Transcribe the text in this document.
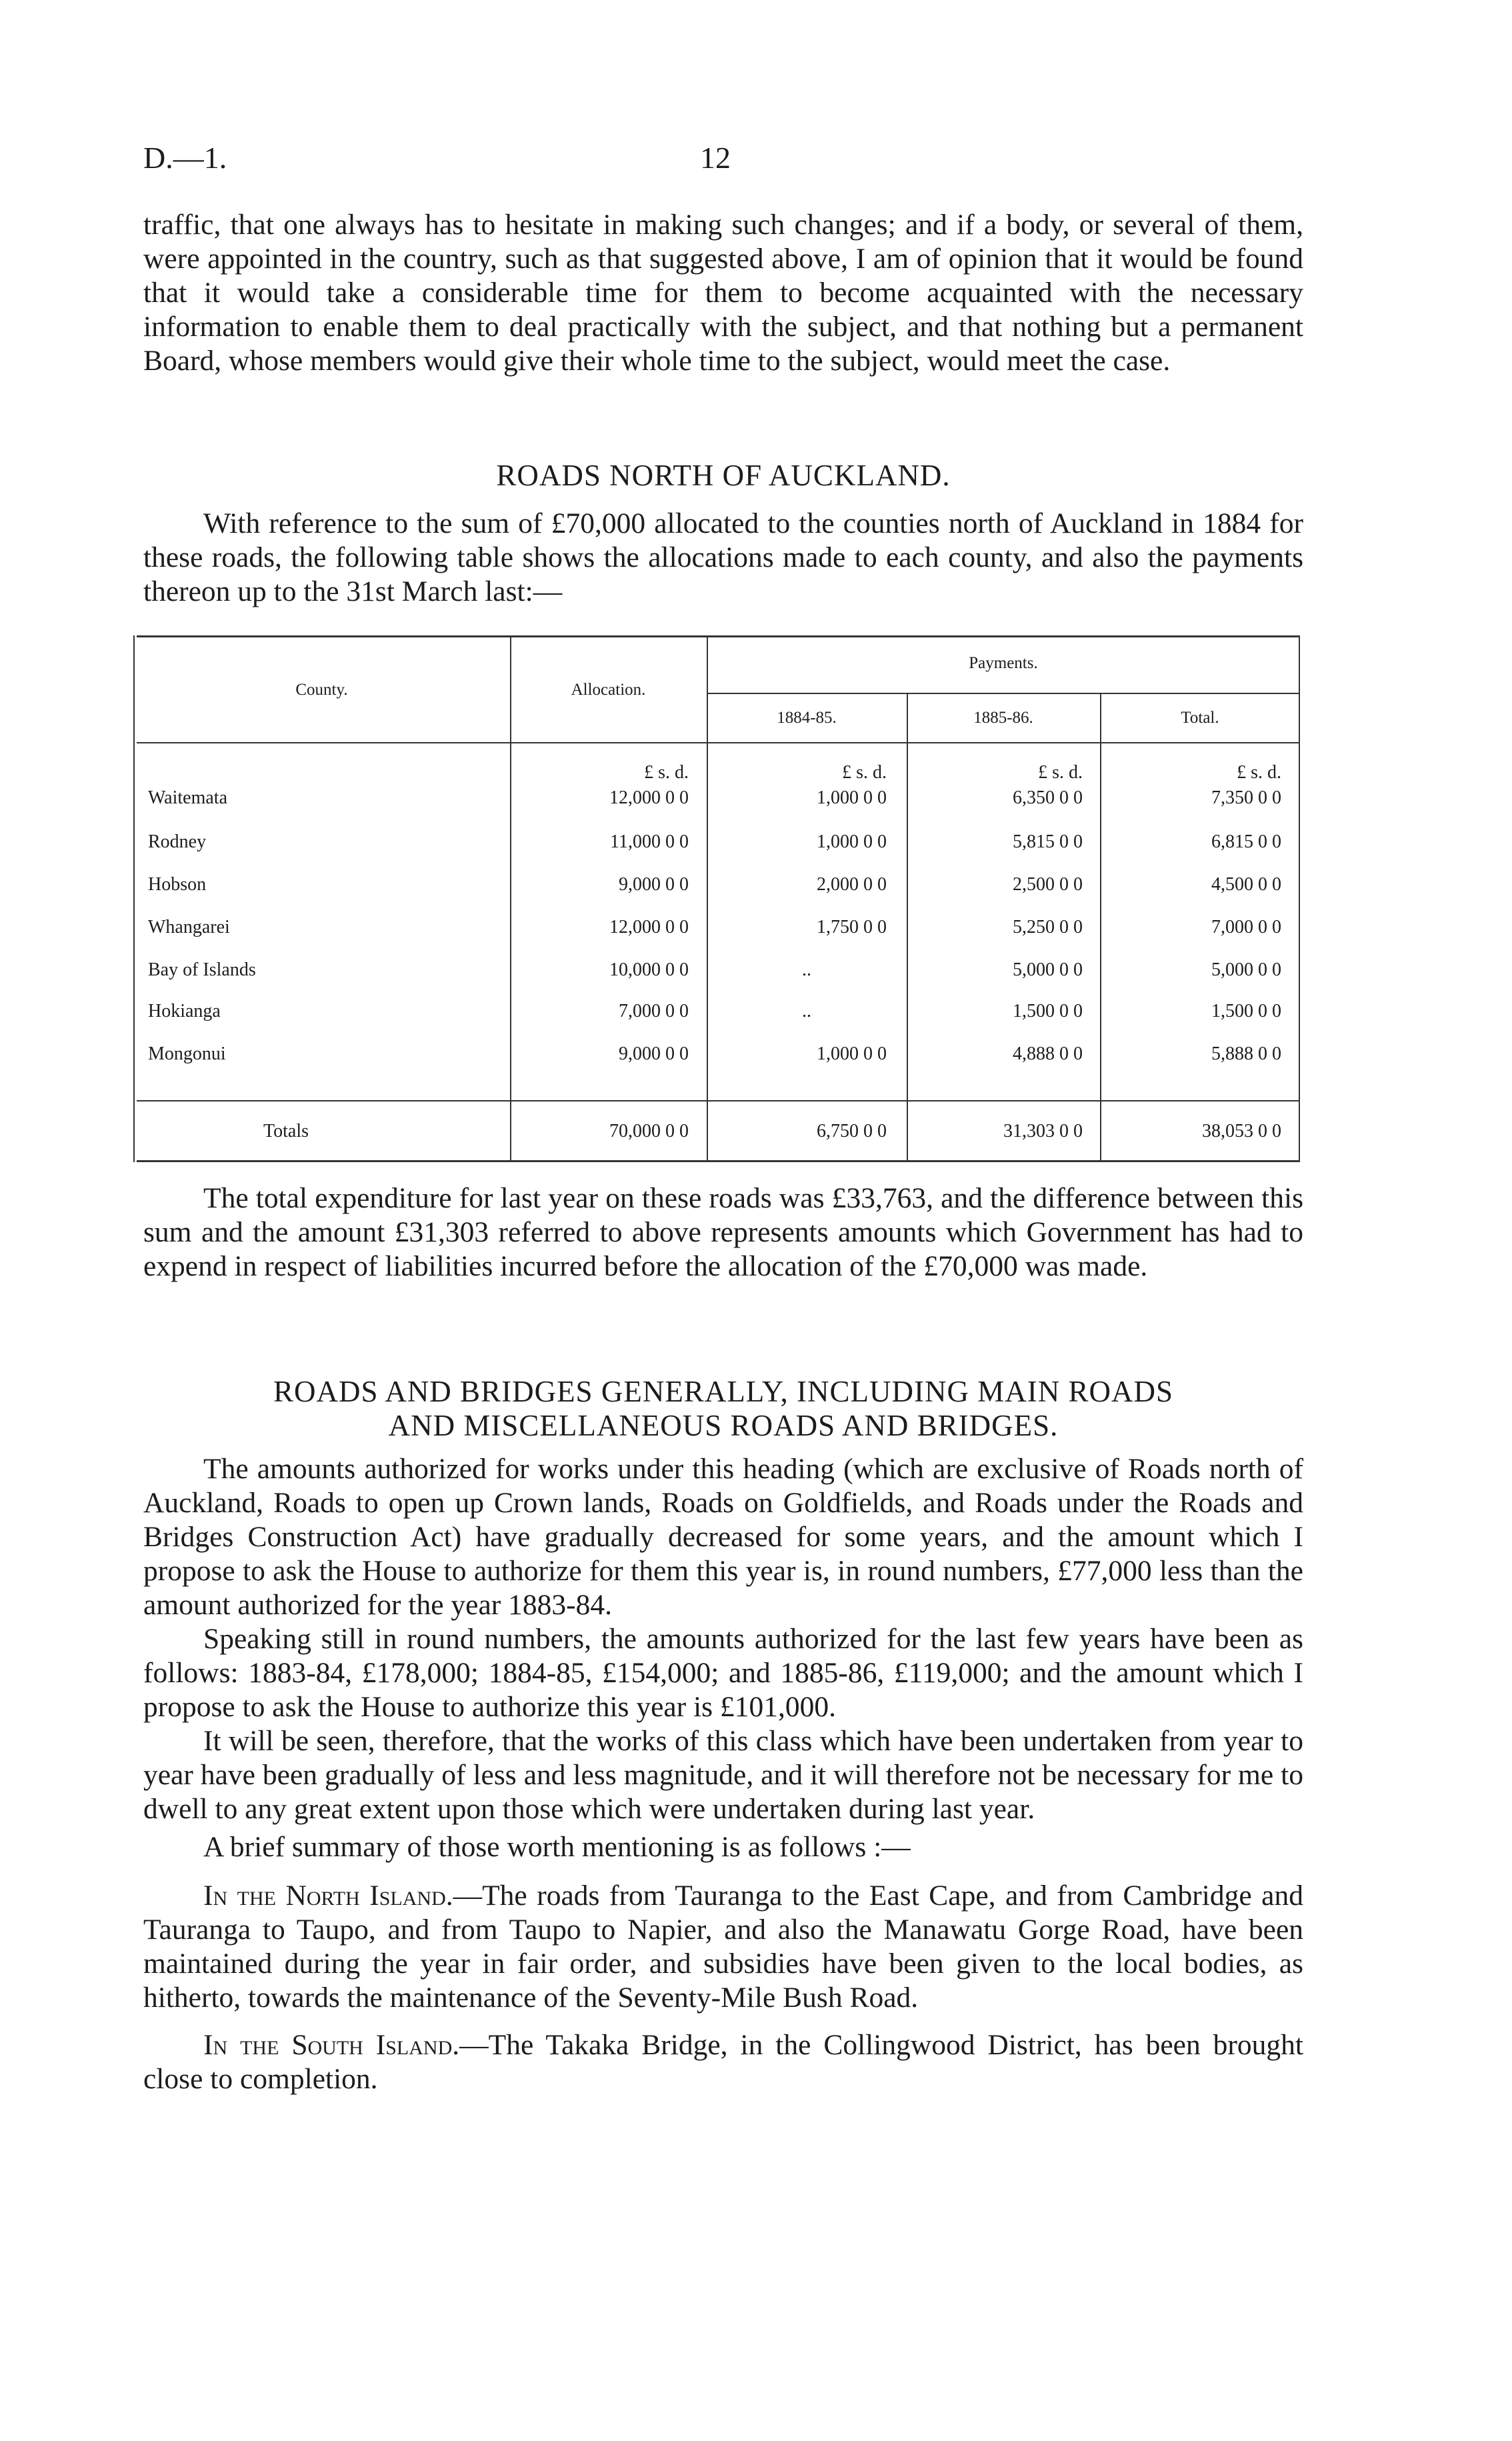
D.—1.	12

traffic, that one always has to hesitate in making such changes; and if a body, or several of them, were appointed in the country, such as that suggested above, I am of opinion that it would be found that it would take a considerable time for them to become acquainted with the necessary information to enable them to deal practically with the subject, and that nothing but a permanent Board, whose members would give their whole time to the subject, would meet the case.

ROADS NORTH OF AUCKLAND.

With reference to the sum of £70,000 allocated to the counties north of Auckland in 1884 for these roads, the following table shows the allocations made to each county, and also the payments thereon up to the 31st March last:—

County.	Allocation.
Payments.
1884-85.	1885-86.	Total.
£ s. d.	£ s. d.	£ s. d.	£ s. d.
Waitemata	12,000 0 0	1,000 0 0	6,350 0 0	7,350 0 0
Rodney	11,000 0 0	1,000 0 0	5,815 0 0	6,815 0 0
Hobson	9,000 0 0	2,000 0 0	2,500 0 0	4,500 0 0
Whangarei	12,000 0 0	1,750 0 0	5,250 0 0	7,000 0 0
Bay of Islands	10,000 0 0	..	5,000 0 0	5,000 0 0
Hokianga	7,000 0 0	..	1,500 0 0	1,500 0 0
Mongonui	9,000 0 0	1,000 0 0	4,888 0 0	5,888 0 0
Totals	70,000 0 0	6,750 0 0	31,303 0 0	38,053 0 0

The total expenditure for last year on these roads was £33,763, and the difference between this sum and the amount £31,303 referred to above represents amounts which Government has had to expend in respect of liabilities incurred before the allocation of the £70,000 was made.

ROADS AND BRIDGES GENERALLY, INCLUDING MAIN ROADS
AND MISCELLANEOUS ROADS AND BRIDGES.

The amounts authorized for works under this heading (which are exclusive of Roads north of Auckland, Roads to open up Crown lands, Roads on Goldfields, and Roads under the Roads and Bridges Construction Act) have gradually decreased for some years, and the amount which I propose to ask the House to authorize for them this year is, in round numbers, £77,000 less than the amount authorized for the year 1883-84.

Speaking still in round numbers, the amounts authorized for the last few years have been as follows: 1883-84, £178,000; 1884-85, £154,000; and 1885-86, £119,000; and the amount which I propose to ask the House to authorize this year is £101,000.

It will be seen, therefore, that the works of this class which have been undertaken from year to year have been gradually of less and less magnitude, and it will therefore not be necessary for me to dwell to any great extent upon those which were undertaken during last year.

A brief summary of those worth mentioning is as follows :—

In the North Island.—The roads from Tauranga to the East Cape, and from Cambridge and Tauranga to Taupo, and from Taupo to Napier, and also the Manawatu Gorge Road, have been maintained during the year in fair order, and subsidies have been given to the local bodies, as hitherto, towards the maintenance of the Seventy-Mile Bush Road.

In the South Island.—The Takaka Bridge, in the Collingwood District, has been brought close to completion.
